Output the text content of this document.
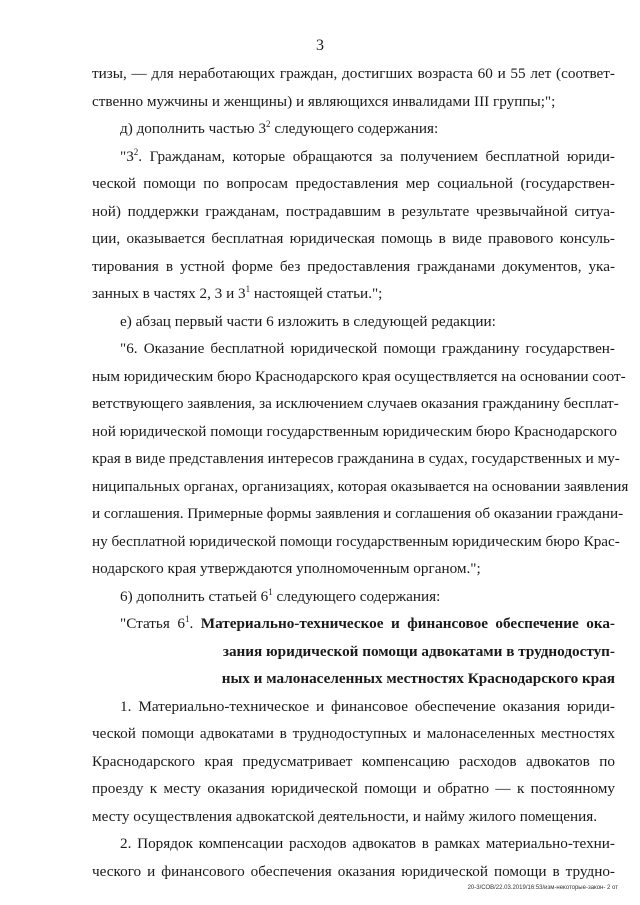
3
тизы, — для неработающих граждан, достигших возраста 60 и 55 лет (соответ-
ственно мужчины и женщины) и являющихся инвалидами III группы;";
д) дополнить частью $3^2$ следующего содержания:
"$3^2$. Гражданам, которые обращаются за получением бесплатной юриди-
ческой помощи по вопросам предоставления мер социальной (государствен-
ной) поддержки гражданам, пострадавшим в результате чрезвычайной ситуа-
ции, оказывается бесплатная юридическая помощь в виде правового консуль-
тирования в устной форме без предоставления гражданами документов, ука-
занных в частях 2, 3 и $3^1$ настоящей статьи.";
е) абзац первый части 6 изложить в следующей редакции:
"6. Оказание бесплатной юридической помощи гражданину государствен-
ным юридическим бюро Краснодарского края осуществляется на основании соот-
ветствующего заявления, за исключением случаев оказания гражданину бесплат-
ной юридической помощи государственным юридическим бюро Краснодарского
края в виде представления интересов гражданина в судах, государственных и му-
ниципальных органах, организациях, которая оказывается на основании заявления
и соглашения. Примерные формы заявления и соглашения об оказании граждани-
ну бесплатной юридической помощи государственным юридическим бюро Крас-
нодарского края утверждаются уполномоченным органом.";
6) дополнить статьей $6^1$ следующего содержания:
"Статья $6^1$. Материально-техническое и финансовое обеспечение ока-
зания юридической помощи адвокатами в труднодоступ-
ных и малонаселенных местностях Краснодарского края
1. Материально-техническое и финансовое обеспечение оказания юриди-
ческой помощи адвокатами в труднодоступных и малонаселенных местностях
Краснодарского края предусматривает компенсацию расходов адвокатов по
проезду к месту оказания юридической помощи и обратно — к постоянному
месту осуществления адвокатской деятельности, и найму жилого помещения.
2. Порядок компенсации расходов адвокатов в рамках материально-техни-
ческого и финансового обеспечения оказания юридической помощи в трудно-
20-3/СОВ/22.03.2019/16:53/изм-некоторые-закон- 2 от
